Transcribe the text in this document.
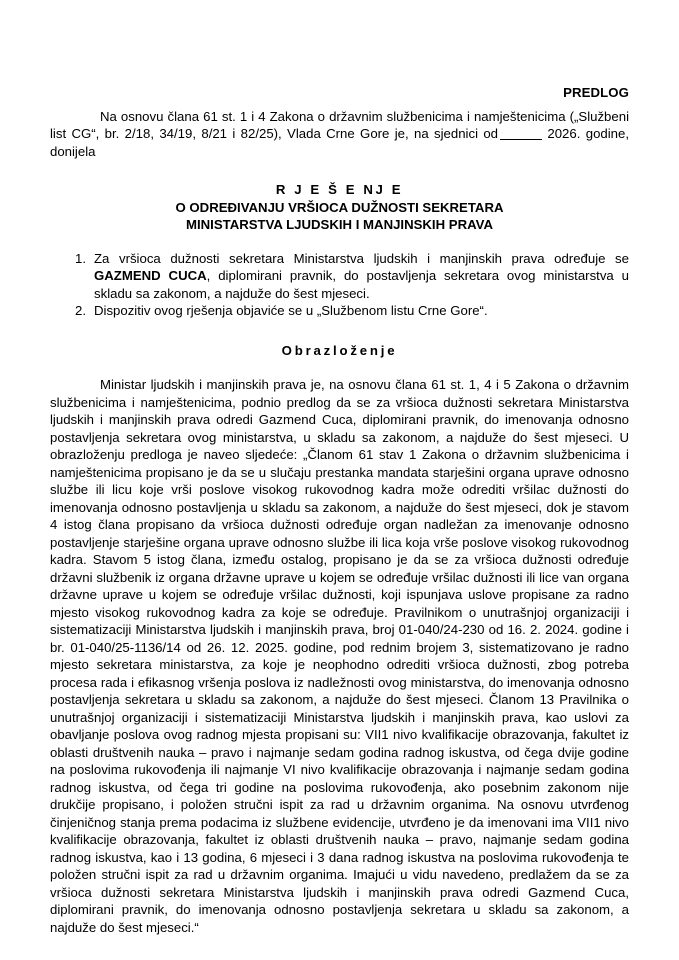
PREDLOG

Na osnovu člana 61 st. 1 i 4 Zakona o državnim službenicima i namještenicima („Službeni list CG“, br. 2/18, 34/19, 8/21 i 82/25), Vlada Crne Gore je, na sjednici od	2026. godine, donijela

R J E Š E NJ E
O ODREĐIVANJU VRŠIOCA DUŽNOSTI SEKRETARA
MINISTARSTVA LJUDSKIH I MANJINSKIH PRAVA
1. Za vršioca dužnosti sekretara Ministarstva ljudskih i manjinskih prava određuje se GAZMEND CUCA, diplomirani pravnik, do postavljenja sekretara ovog ministarstva u skladu sa zakonom, a najduže do šest mjeseci.
2. Dispozitiv ovog rješenja objaviće se u „Službenom listu Crne Gore“.
Obrazloženje

Ministar ljudskih i manjinskih prava je, na osnovu člana 61 st. 1, 4 i 5 Zakona o državnim službenicima i namještenicima, podnio predlog da se za vršioca dužnosti sekretara Ministarstva ljudskih i manjinskih prava odredi Gazmend Cuca, diplomirani pravnik, do imenovanja odnosno postavljenja sekretara ovog ministarstva, u skladu sa zakonom, a najduže do šest mjeseci. U obrazloženju predloga je naveo sljedeće: „Članom 61 stav 1 Zakona o državnim službenicima i namještenicima propisano je da se u slučaju prestanka mandata starješini organa uprave odnosno službe ili licu koje vrši poslove visokog rukovodnog kadra može odrediti vršilac dužnosti do imenovanja odnosno postavljenja u skladu sa zakonom, a najduže do šest mjeseci, dok je stavom 4 istog člana propisano da vršioca dužnosti određuje organ nadležan za imenovanje odnosno postavljenje starješine organa uprave odnosno službe ili lica koja vrše poslove visokog rukovodnog kadra. Stavom 5 istog člana, između ostalog, propisano je da se za vršioca dužnosti određuje državni službenik iz organa državne uprave u kojem se određuje vršilac dužnosti ili lice van organa državne uprave u kojem se određuje vršilac dužnosti, koji ispunjava uslove propisane za radno mjesto visokog rukovodnog kadra za koje se određuje. Pravilnikom o unutrašnjoj organizaciji i sistematizaciji Ministarstva ljudskih i manjinskih prava, broj 01-040/24-230 od 16. 2. 2024. godine i br. 01-040/25-1136/14 od 26. 12. 2025. godine, pod rednim brojem 3, sistematizovano je radno mjesto sekretara ministarstva, za koje je neophodno odrediti vršioca dužnosti, zbog potreba procesa rada i efikasnog vršenja poslova iz nadležnosti ovog ministarstva, do imenovanja odnosno postavljenja sekretara u skladu sa zakonom, a najduže do šest mjeseci. Članom 13 Pravilnika o unutrašnjoj organizaciji i sistematizaciji Ministarstva ljudskih i manjinskih prava, kao uslovi za obavljanje poslova ovog radnog mjesta propisani su: VII1 nivo kvalifikacije obrazovanja, fakultet iz oblasti društvenih nauka – pravo i najmanje sedam godina radnog iskustva, od čega dvije godine na poslovima rukovođenja ili najmanje VI nivo kvalifikacije obrazovanja i najmanje sedam godina radnog iskustva, od čega tri godine na poslovima rukovođenja, ako posebnim zakonom nije drukčije propisano, i položen stručni ispit za rad u državnim organima. Na osnovu utvrđenog činjeničnog stanja prema podacima iz službene evidencije, utvrđeno je da imenovani ima VII1 nivo kvalifikacije obrazovanja, fakultet iz oblasti društvenih nauka – pravo, najmanje sedam godina radnog iskustva, kao i 13 godina, 6 mjeseci i 3 dana radnog iskustva na poslovima rukovođenja te položen stručni ispit za rad u državnim organima. Imajući u vidu navedeno, predlažem da se za vršioca dužnosti sekretara Ministarstva ljudskih i manjinskih prava odredi Gazmend Cuca, diplomirani pravnik, do imenovanja odnosno postavljenja sekretara u skladu sa zakonom, a najduže do šest mjeseci.“
